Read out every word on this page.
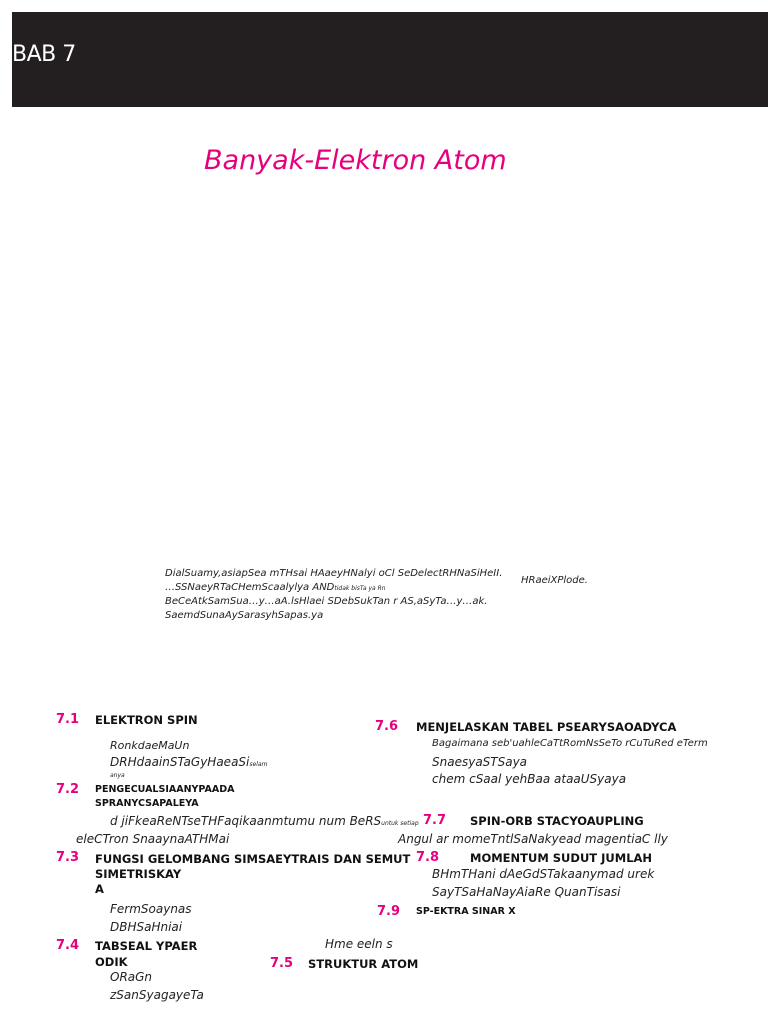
BAB 7
Banyak-Elektron Atom
DialSuamy,asiapSea mTHsai HAaeyHNalyi oCl SeDelectRHNaSiHeII.
HRaeiXPlode.
…SSNaeyRTaCHemScaalylya ANDtidak bisTa ya Rn
BeCeAtkSamSua…y…aA.lsHlaei SDebSukTan r AS,aSyTa…y…ak.
SaemdSunaAySarasyhSapas.ya
7.1 ELEKTRON SPIN
RonkdaeMaUn
DRHdaainSTaGyHaeaSiselam
anya
7.2 PENGECUALSIAANYPAADA
SPRANYCSAPALEYA
d jiFkeaReNTseTHFaqikaanmtumu num BeRSuntuk setiap
eleCTron SnaaynaATHMai
7.3 FUNGSI GELOMBANG SIMSAEYTRAIS DAN SEMUT
SIMETRISKAY
A
FermSoaynas
DBHSaHniai
7.4 TABSEAL YPAER
ODIK
ORaGn
zSanSyagayeTa
Hme eeln s
7.5 STRUKTUR ATOM
7.6 MENJELASKAN TABEL PSEARYSAOADYCA
Bagaimana seb'uahleCaTtRomNsSeTo rCuTuRed eTerm
SnaesyaSTSaya
chem cSaal yehBaa ataaUSyaya
7.7 SPIN-ORB STACYOAUPLING
Angul ar momeTntlSaNakyead magentiaC lly
7.8	MOMENTUM SUDUT JUMLAH
BHmTHani dAeGdSTakaanymad urek
SayTSaHaNayAiaRe QuanTisasi
7.9 SP-EKTRA SINAR X
